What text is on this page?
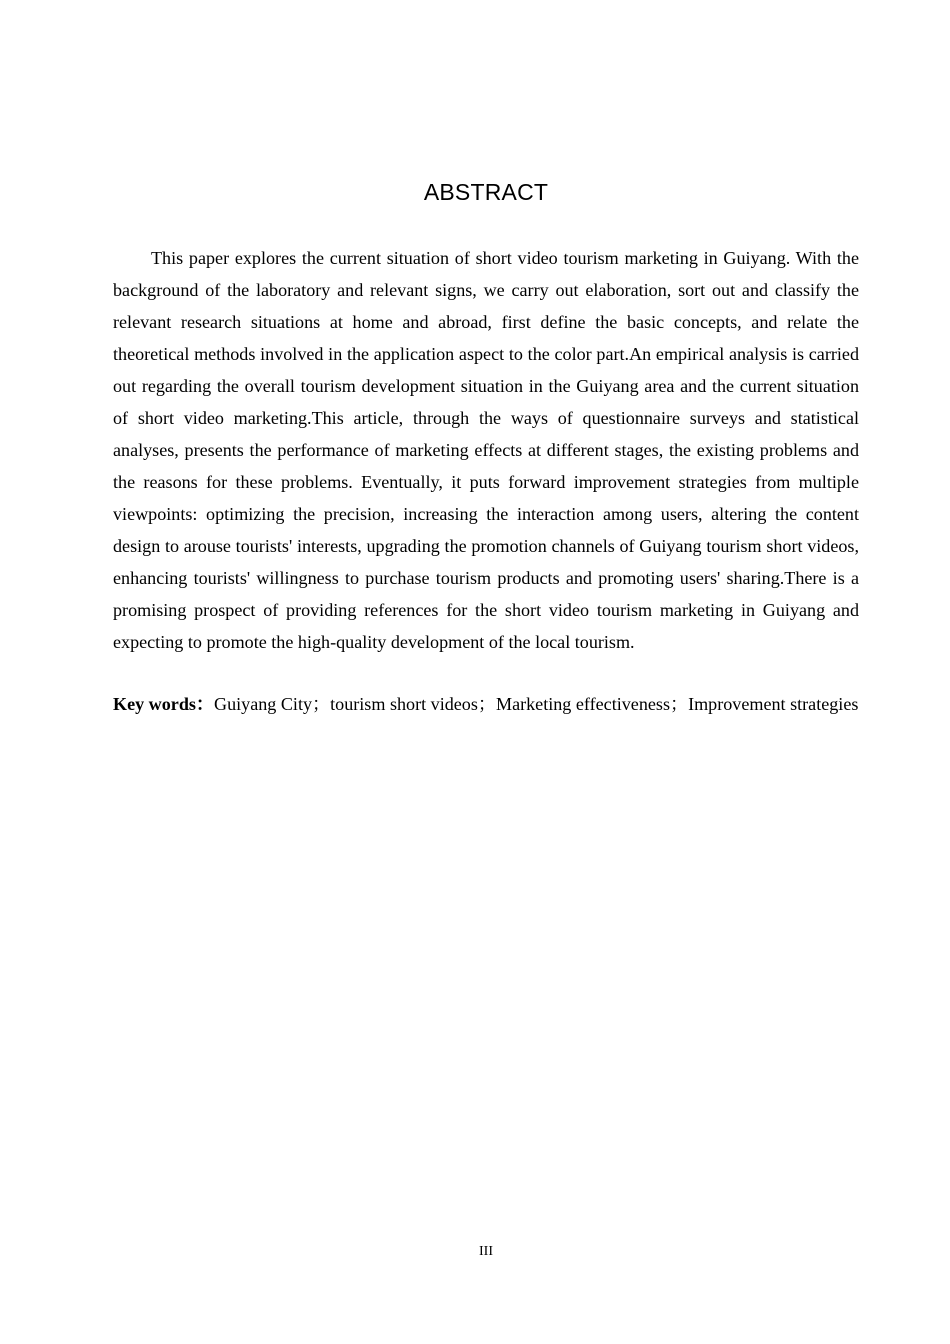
ABSTRACT

This paper explores the current situation of short video tourism marketing in Guiyang. With the background of the laboratory and relevant signs, we carry out elaboration, sort out and classify the relevant research situations at home and abroad, first define the basic concepts, and relate the theoretical methods involved in the application aspect to the color part.An empirical analysis is carried out regarding the overall tourism development situation in the Guiyang area and the current situation of short video marketing.This article, through the ways of questionnaire surveys and statistical analyses, presents the performance of marketing effects at different stages, the existing problems and the reasons for these problems. Eventually, it puts forward improvement strategies from multiple viewpoints: optimizing the precision, increasing the interaction among users, altering the content design to arouse tourists' interests, upgrading the promotion channels of Guiyang tourism short videos, enhancing tourists' willingness to purchase tourism products and promoting users' sharing.There is a promising prospect of providing references for the short video tourism marketing in Guiyang and expecting to promote the high-quality development of the local tourism.

Key words：Guiyang City；tourism short videos；Marketing effectiveness；Improvement strategies

III
